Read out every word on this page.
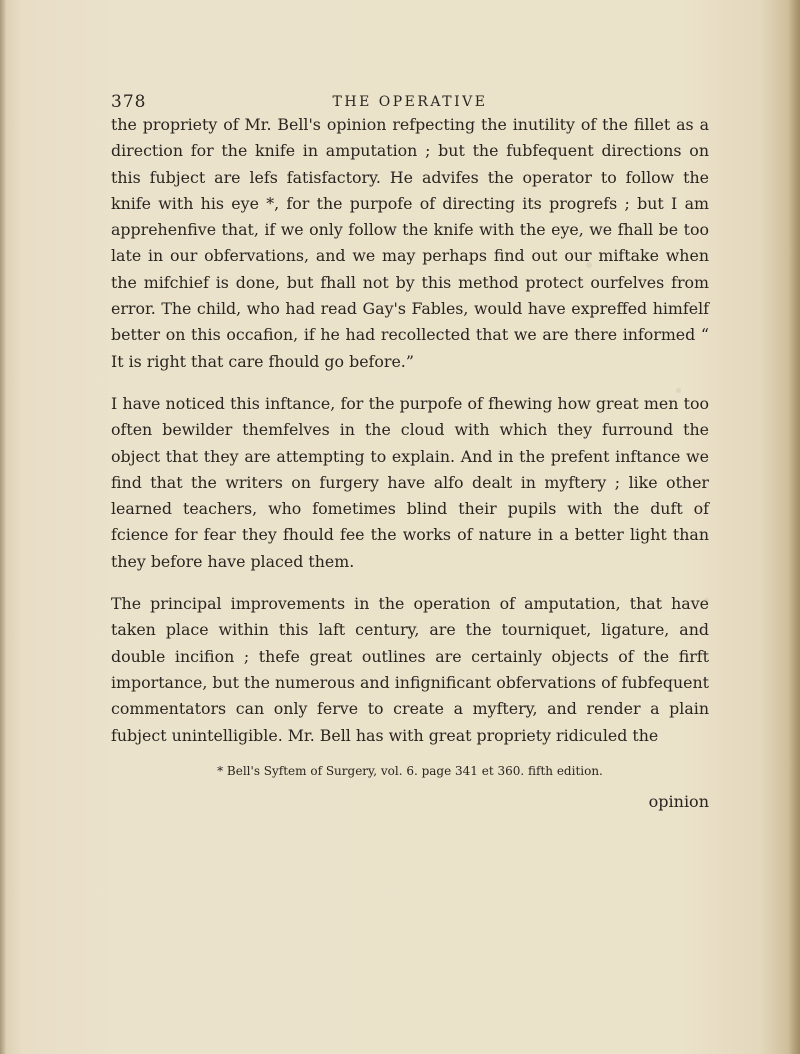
378	THE OPERATIVE

the propriety of Mr. Bell's opinion refpecting the inutility of the fillet as a direction for the knife in amputation ; but the fubfequent directions on this fubject are lefs fatisfactory. He advifes the operator to follow the knife with his eye *, for the purpofe of directing its progrefs ; but I am apprehenfive that, if we only follow the knife with the eye, we fhall be too late in our obfervations, and we may perhaps find out our miftake when the mifchief is done, but fhall not by this method protect ourfelves from error. The child, who had read Gay's Fables, would have expreffed himfelf better on this occafion, if he had recollected that we are there informed “ It is right that care fhould go before.”

I have noticed this inftance, for the purpofe of fhewing how great men too often bewilder themfelves in the cloud with which they furround the object that they are attempting to explain. And in the prefent inftance we find that the writers on furgery have alfo dealt in myftery ; like other learned teachers, who fometimes blind their pupils with the duft of fcience for fear they fhould fee the works of nature in a better light than they before have placed them.

The principal improvements in the operation of amputation, that have taken place within this laft century, are the tourniquet, ligature, and double incifion ; thefe great outlines are certainly objects of the firft importance, but the numerous and infignificant obfervations of fubfequent commentators can only ferve to create a myftery, and render a plain fubject unintelligible. Mr. Bell has with great propriety ridiculed the

* Bell's Syftem of Surgery, vol. 6. page 341 et 360. fifth edition.
opinion
